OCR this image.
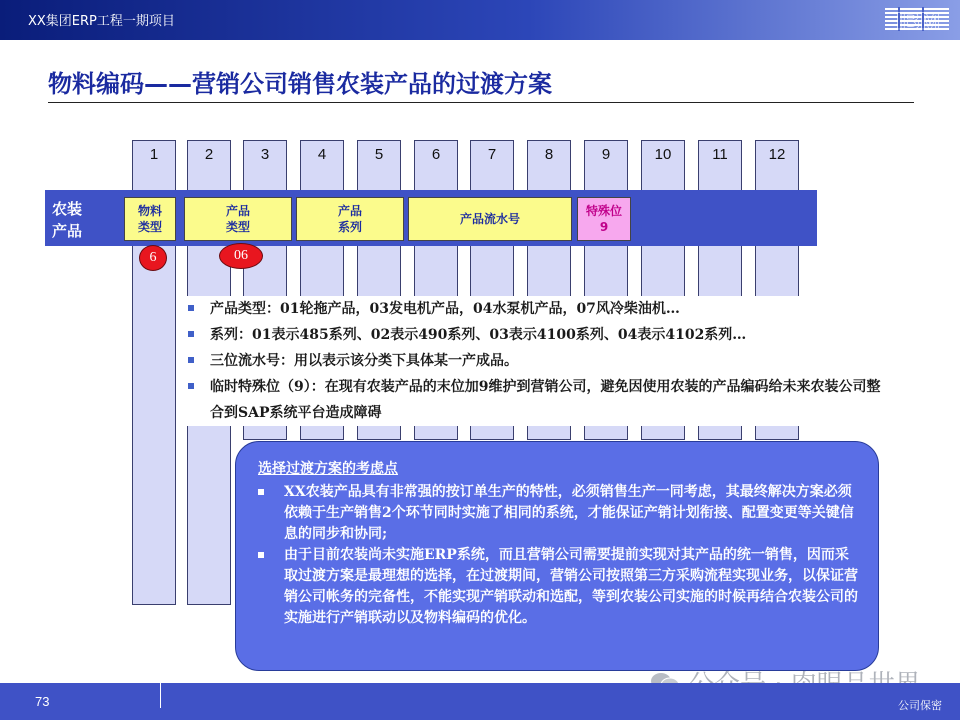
XX集团ERP工程一期项目	IBM
物料编码——营销公司销售农装产品的过渡方案
1	2	3	4	5	6	7	8	9	10	11	12
农装
产品
物料
类型
产品
类型
产品
系列
产品流水号
特殊位
9
6	06
产品类型：01轮拖产品，03发电机产品，04水泵机产品，07风冷柴油机…
系列：01表示485系列、02表示490系列、03表示4100系列、04表示4102系列…
三位流水号：用以表示该分类下具体某一产成品。
临时特殊位（9）：在现有农装产品的末位加9维护到营销公司，避免因使用农装的产品编码给未来农装公司整合到SAP系统平台造成障碍
选择过渡方案的考虑点
XX农装产品具有非常强的按订单生产的特性，必须销售生产一同考虑，其最终解决方案必须依赖于生产销售2个环节同时实施了相同的系统，才能保证产销计划衔接、配置变更等关键信息的同步和协同;
由于目前农装尚未实施ERP系统，而且营销公司需要提前实现对其产品的统一销售，因而采取过渡方案是最理想的选择，在过渡期间，营销公司按照第三方采购流程实现业务，以保证营销公司帐务的完备性，不能实现产销联动和选配，等到农装公司实施的时候再结合农装公司的实施进行产销联动以及物料编码的优化。
73	公司保密
